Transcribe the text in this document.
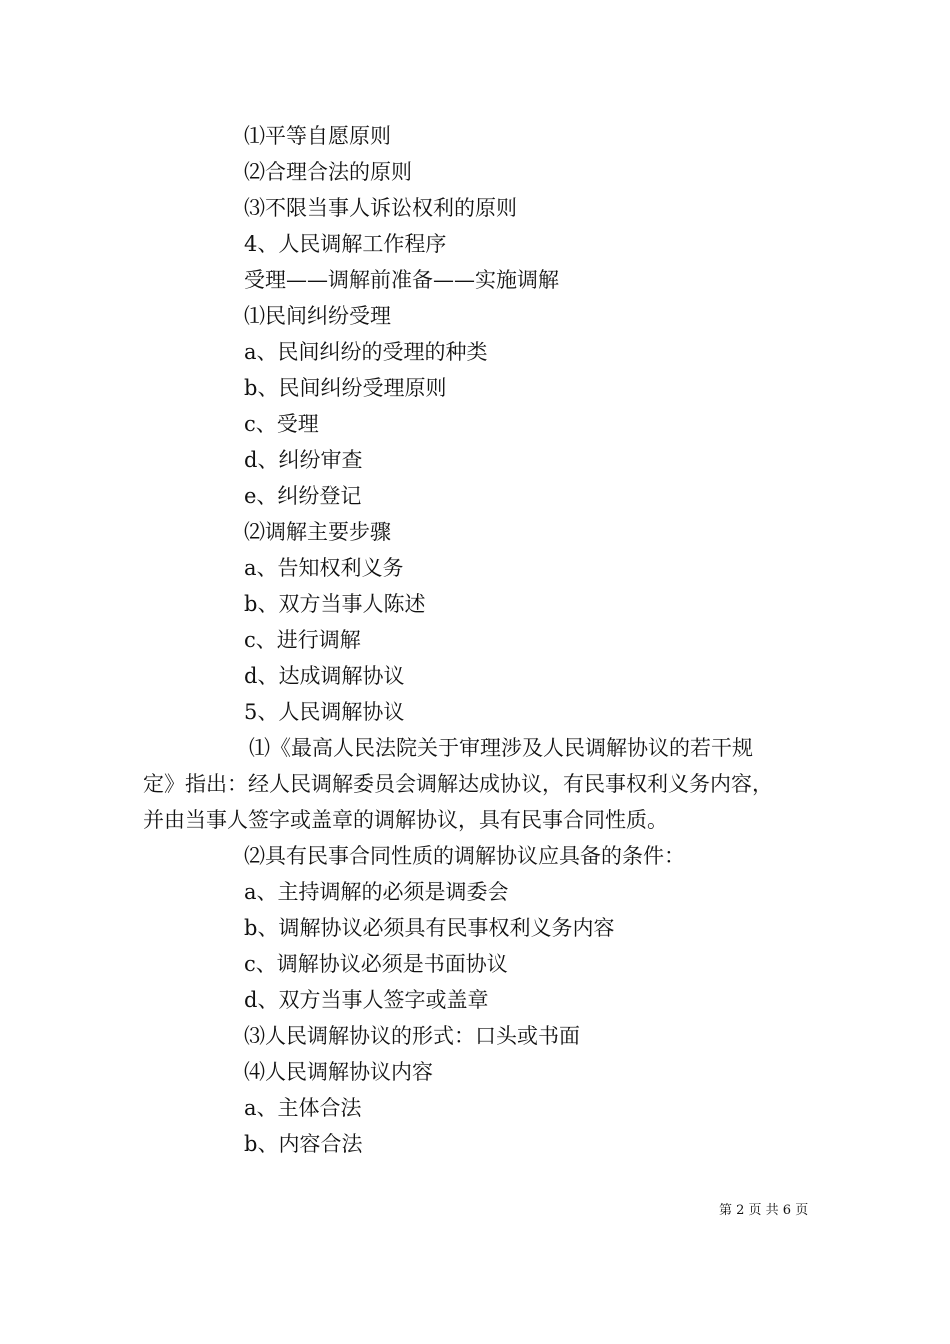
⑴平等自愿原则
⑵合理合法的原则
⑶不限当事人诉讼权利的原则
4、人民调解工作程序
受理——调解前准备——实施调解
⑴民间纠纷受理
a、民间纠纷的受理的种类
b、民间纠纷受理原则
c、受理
d、纠纷审查
e、纠纷登记
⑵调解主要步骤
a、告知权利义务
b、双方当事人陈述
c、进行调解
d、达成调解协议
5、人民调解协议
⑴《最高人民法院关于审理涉及人民调解协议的若干规
定》指出：经人民调解委员会调解达成协议，有民事权利义务内容，
并由当事人签字或盖章的调解协议，具有民事合同性质。
⑵具有民事合同性质的调解协议应具备的条件：
a、主持调解的必须是调委会
b、调解协议必须具有民事权利义务内容
c、调解协议必须是书面协议
d、双方当事人签字或盖章
⑶人民调解协议的形式：口头或书面
⑷人民调解协议内容
a、主体合法
b、内容合法
第 2 页 共 6 页
